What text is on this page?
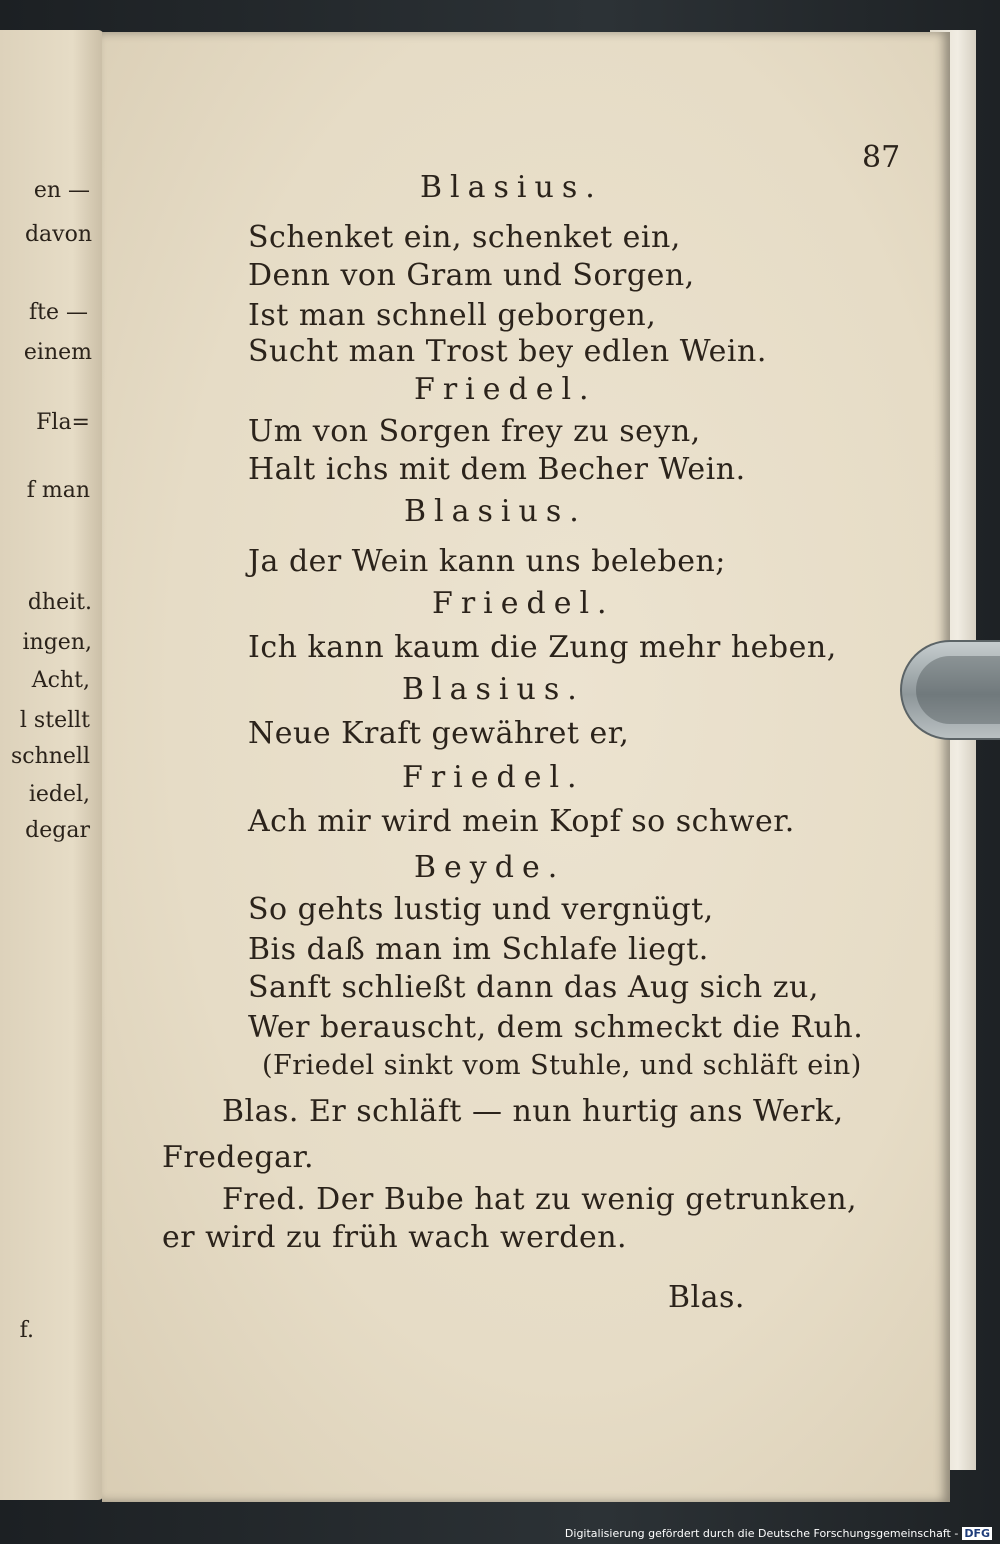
en —
davon
fte —
einem
Fla=
f man
dheit.
ingen,
Acht,
l stellt
schnell
iedel,
degar
f.
87
Blasius.
Schenket ein, schenket ein,
Denn von Gram und Sorgen,
Ist man schnell geborgen,
Sucht man Trost bey edlen Wein.
Friedel.
Um von Sorgen frey zu seyn,
Halt ichs mit dem Becher Wein.
Blasius.
Ja der Wein kann uns beleben;
Friedel.
Ich kann kaum die Zung mehr heben,
Blasius.
Neue Kraft gewähret er,
Friedel.
Ach mir wird mein Kopf so schwer.
Beyde.
So gehts lustig und vergnügt,
Bis daß man im Schlafe liegt.
Sanft schließt dann das Aug sich zu,
Wer berauscht, dem schmeckt die Ruh.
(Friedel sinkt vom Stuhle, und schläft ein)
Blas. Er schläft — nun hurtig ans Werk,
Fredegar.
Fred. Der Bube hat zu wenig getrunken,
er wird zu früh wach werden.
Blas.
Digitalisierung gefördert durch die Deutsche Forschungsgemeinschaft - DFG
